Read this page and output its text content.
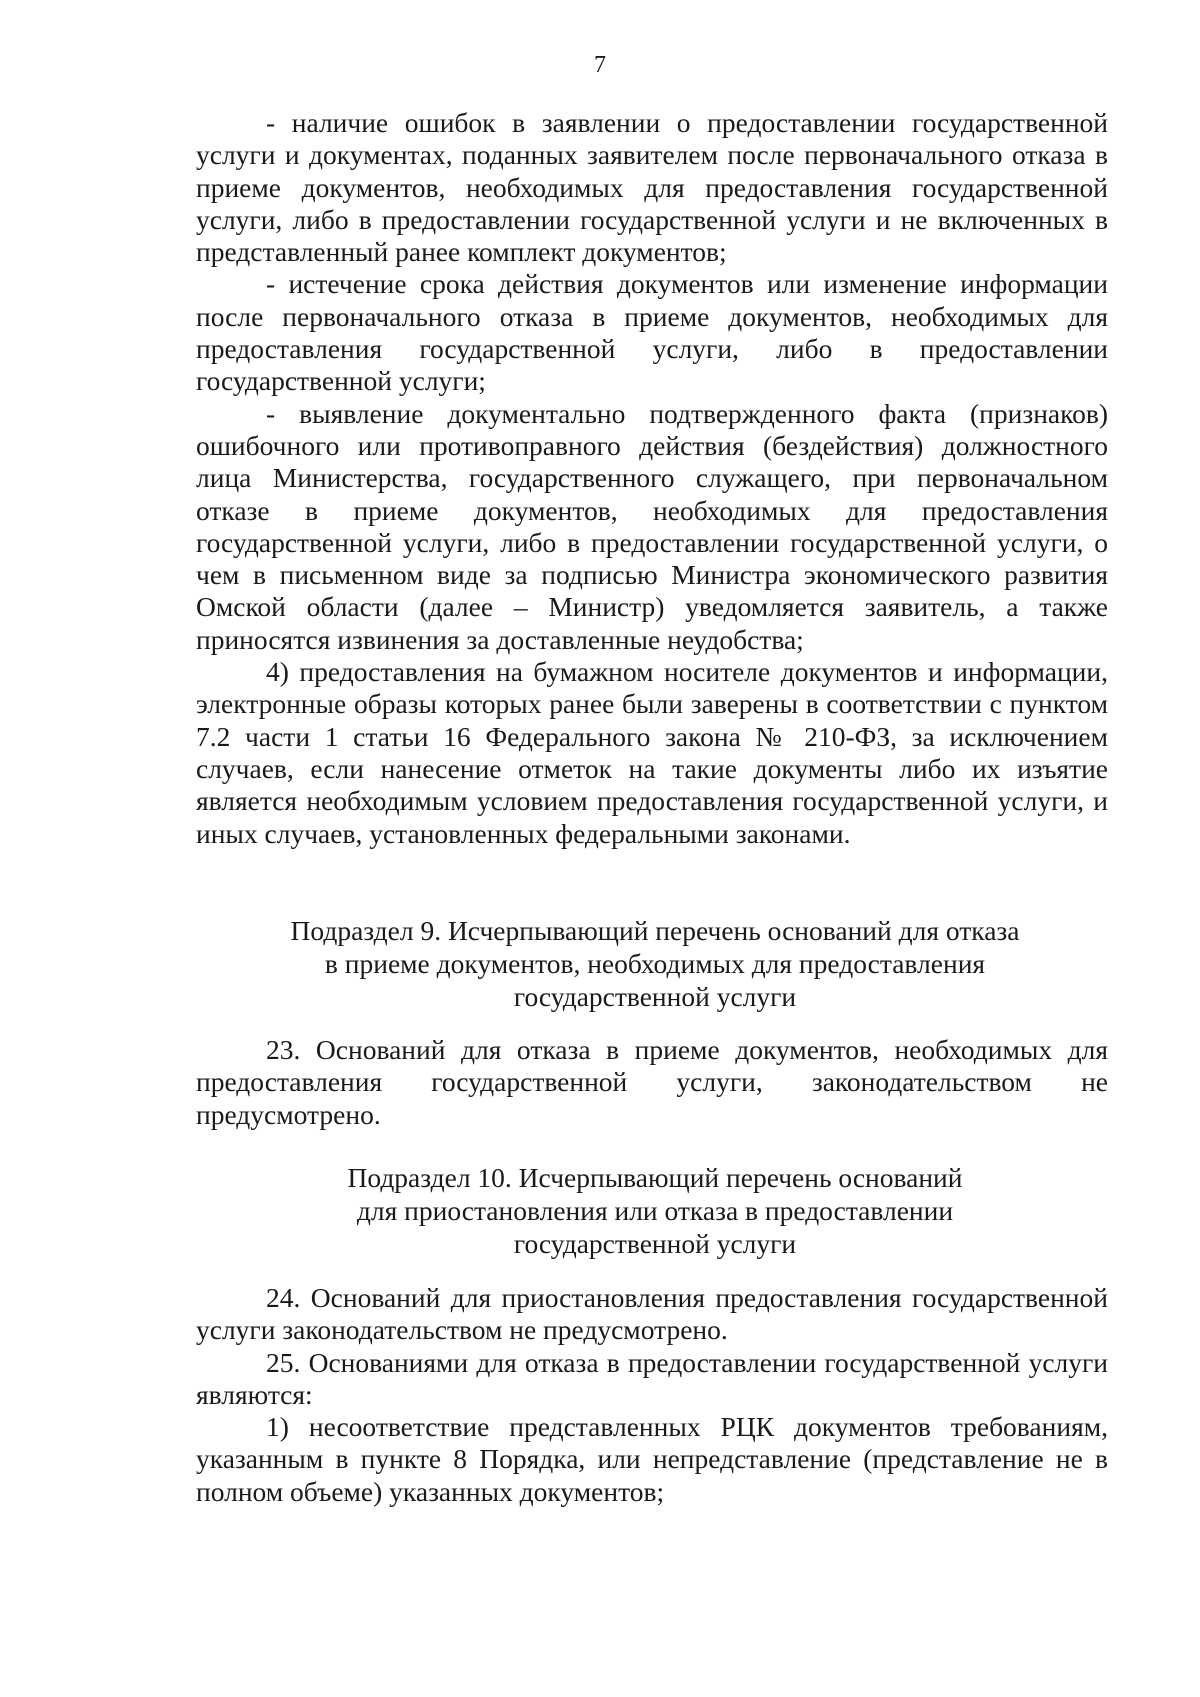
7

- наличие ошибок в заявлении о предоставлении государственной услуги и документах, поданных заявителем после первоначального отказа в приеме документов, необходимых для предоставления государственной услуги, либо в предоставлении государственной услуги и не включенных в представленный ранее комплект документов;

- истечение срока действия документов или изменение информации после первоначального отказа в приеме документов, необходимых для предоставления государственной услуги, либо в предоставлении государственной услуги;

- выявление документально подтвержденного факта (признаков) ошибочного или противоправного действия (бездействия) должностного лица Министерства, государственного служащего, при первоначальном отказе в приеме документов, необходимых для предоставления государственной услуги, либо в предоставлении государственной услуги, о чем в письменном виде за подписью Министра экономического развития Омской области (далее – Министр) уведомляется заявитель, а также приносятся извинения за доставленные неудобства;

4) предоставления на бумажном носителе документов и информации, электронные образы которых ранее были заверены в соответствии с пунктом 7.2 части 1 статьи 16 Федерального закона № 210-ФЗ, за исключением случаев, если нанесение отметок на такие документы либо их изъятие является необходимым условием предоставления государственной услуги, и иных случаев, установленных федеральными законами.

Подраздел 9. Исчерпывающий перечень оснований для отказа
в приеме документов, необходимых для предоставления
государственной услуги

23. Оснований для отказа в приеме документов, необходимых для предоставления государственной услуги, законодательством не предусмотрено.

Подраздел 10. Исчерпывающий перечень оснований
для приостановления или отказа в предоставлении
государственной услуги

24. Оснований для приостановления предоставления государственной услуги законодательством не предусмотрено.

25. Основаниями для отказа в предоставлении государственной услуги являются:

1) несоответствие представленных РЦК документов требованиям, указанным в пункте 8 Порядка, или непредставление (представление не в полном объеме) указанных документов;
